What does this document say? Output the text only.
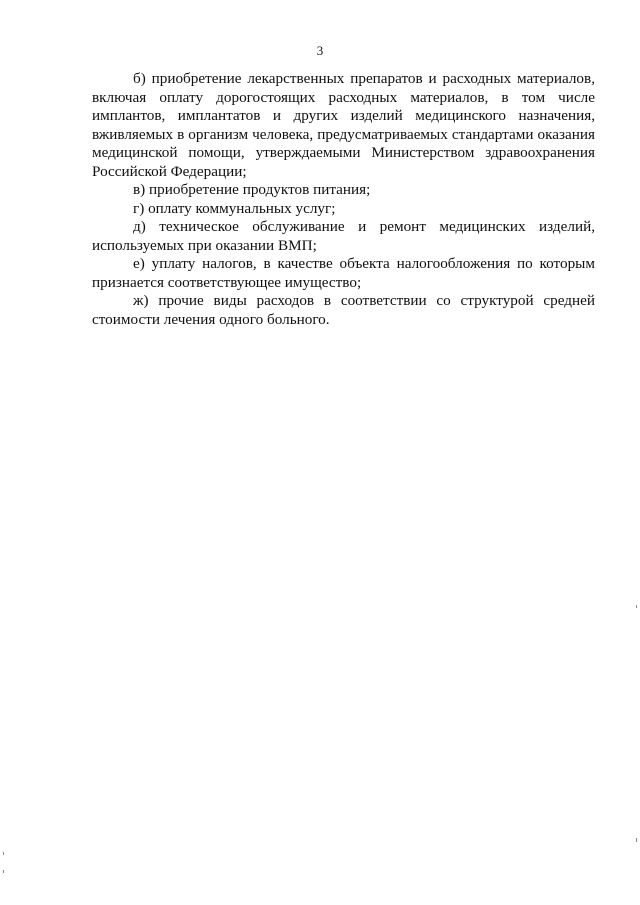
3

б) приобретение лекарственных препаратов и расходных материалов, включая оплату дорогостоящих расходных материалов, в том числе имплантов, имплантатов и других изделий медицинского назначения, вживляемых в организм человека, предусматриваемых стандартами оказания медицинской помощи, утверждаемыми Министерством здравоохранения Российской Федерации;

в) приобретение продуктов питания;

г) оплату коммунальных услуг;

д) техническое обслуживание и ремонт медицинских изделий, используемых при оказании ВМП;

е) уплату налогов, в качестве объекта налогообложения по которым признается соответствующее имущество;

ж) прочие виды расходов в соответствии со структурой средней стоимости лечения одного больного.
